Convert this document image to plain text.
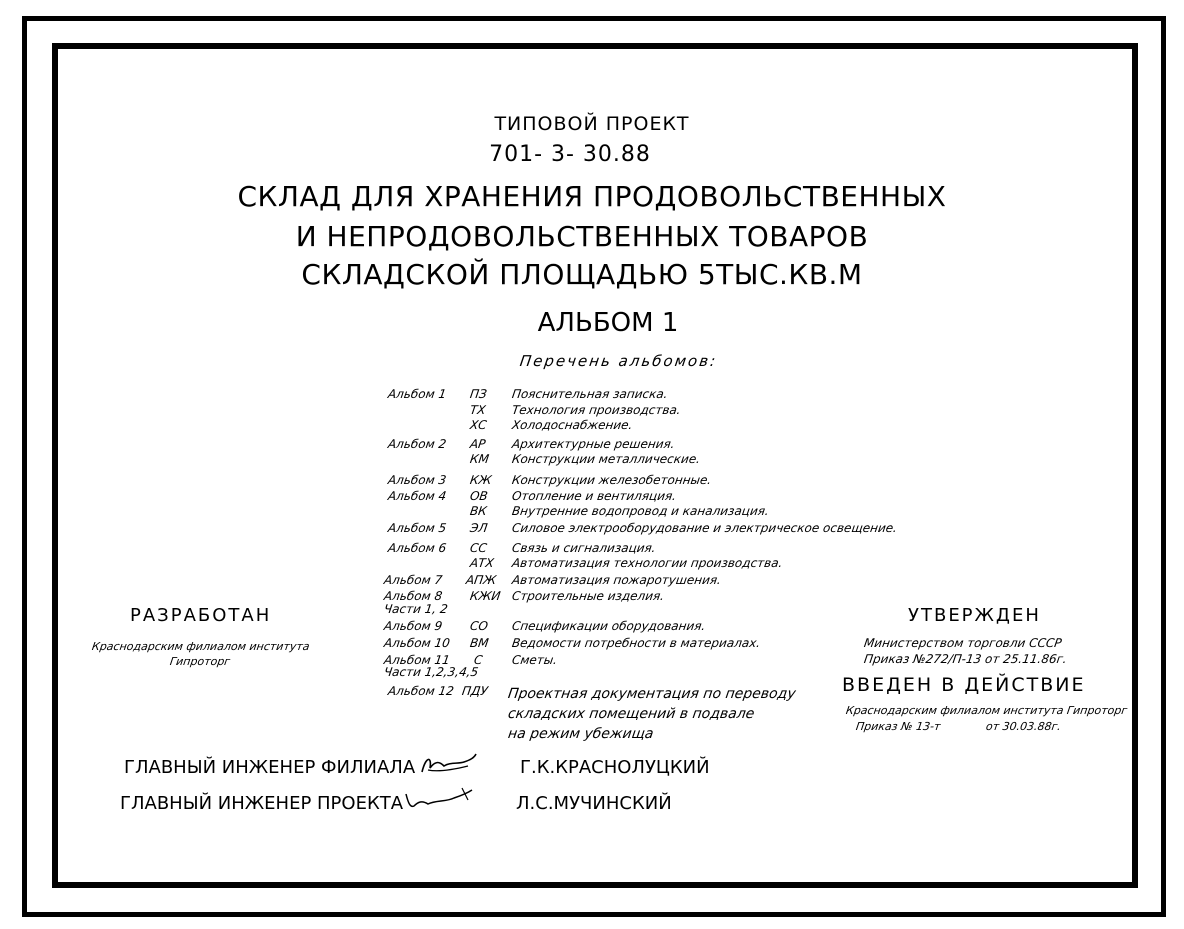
ТИПОВОЙ ПРОЕКТ
701- 3- 30.88
СКЛАД ДЛЯ ХРАНЕНИЯ ПРОДОВОЛЬСТВЕННЫХ
И НЕПРОДОВОЛЬСТВЕННЫХ ТОВАРОВ
СКЛАДСКОЙ ПЛОЩАДЬЮ 5ТЫС.КВ.М
АЛЬБОМ 1
Перечень альбомов:
Альбом 1 ПЗ Пояснительная записка.
ТХ Технология производства.
ХС Холодоснабжение.
Альбом 2 АР Архитектурные решения.
КМ Конструкции металлические.
Альбом 3 КЖ Конструкции железобетонные.
Альбом 4 ОВ Отопление и вентиляция.
ВК Внутренние водопровод и канализация.
Альбом 5 ЭЛ Силовое электрооборудование и электрическое освещение.
Альбом 6 СС Связь и сигнализация.
АТХ Автоматизация технологии производства.
Альбом 7 АПЖ Автоматизация пожаротушения.
Альбом 8 КЖИ Строительные изделия.
Части 1, 2
Альбом 9 СО Спецификации оборудования.
Альбом 10 ВМ Ведомости потребности в материалах.
Альбом 11 С Сметы.
Части 1,2,3,4,5
Альбом 12 ПДУ Проектная документация по переводу
складских помещений в подвале
на режим убежища
РАЗРАБОТАН
Краснодарским филиалом института
Гипроторг
УТВЕРЖДЕН
Министерством торговли СССР
Приказ №272/П-13 от 25.11.86г.
ВВЕДЕН В ДЕЙСТВИЕ
Краснодарским филиалом института Гипроторг
Приказ № 13-т	от 30.03.88г.
ГЛАВНЫЙ ИНЖЕНЕР ФИЛИАЛА	Г.К.КРАСНОЛУЦКИЙ
ГЛАВНЫЙ ИНЖЕНЕР ПРОЕКТА	Л.С.МУЧИНСКИЙ
